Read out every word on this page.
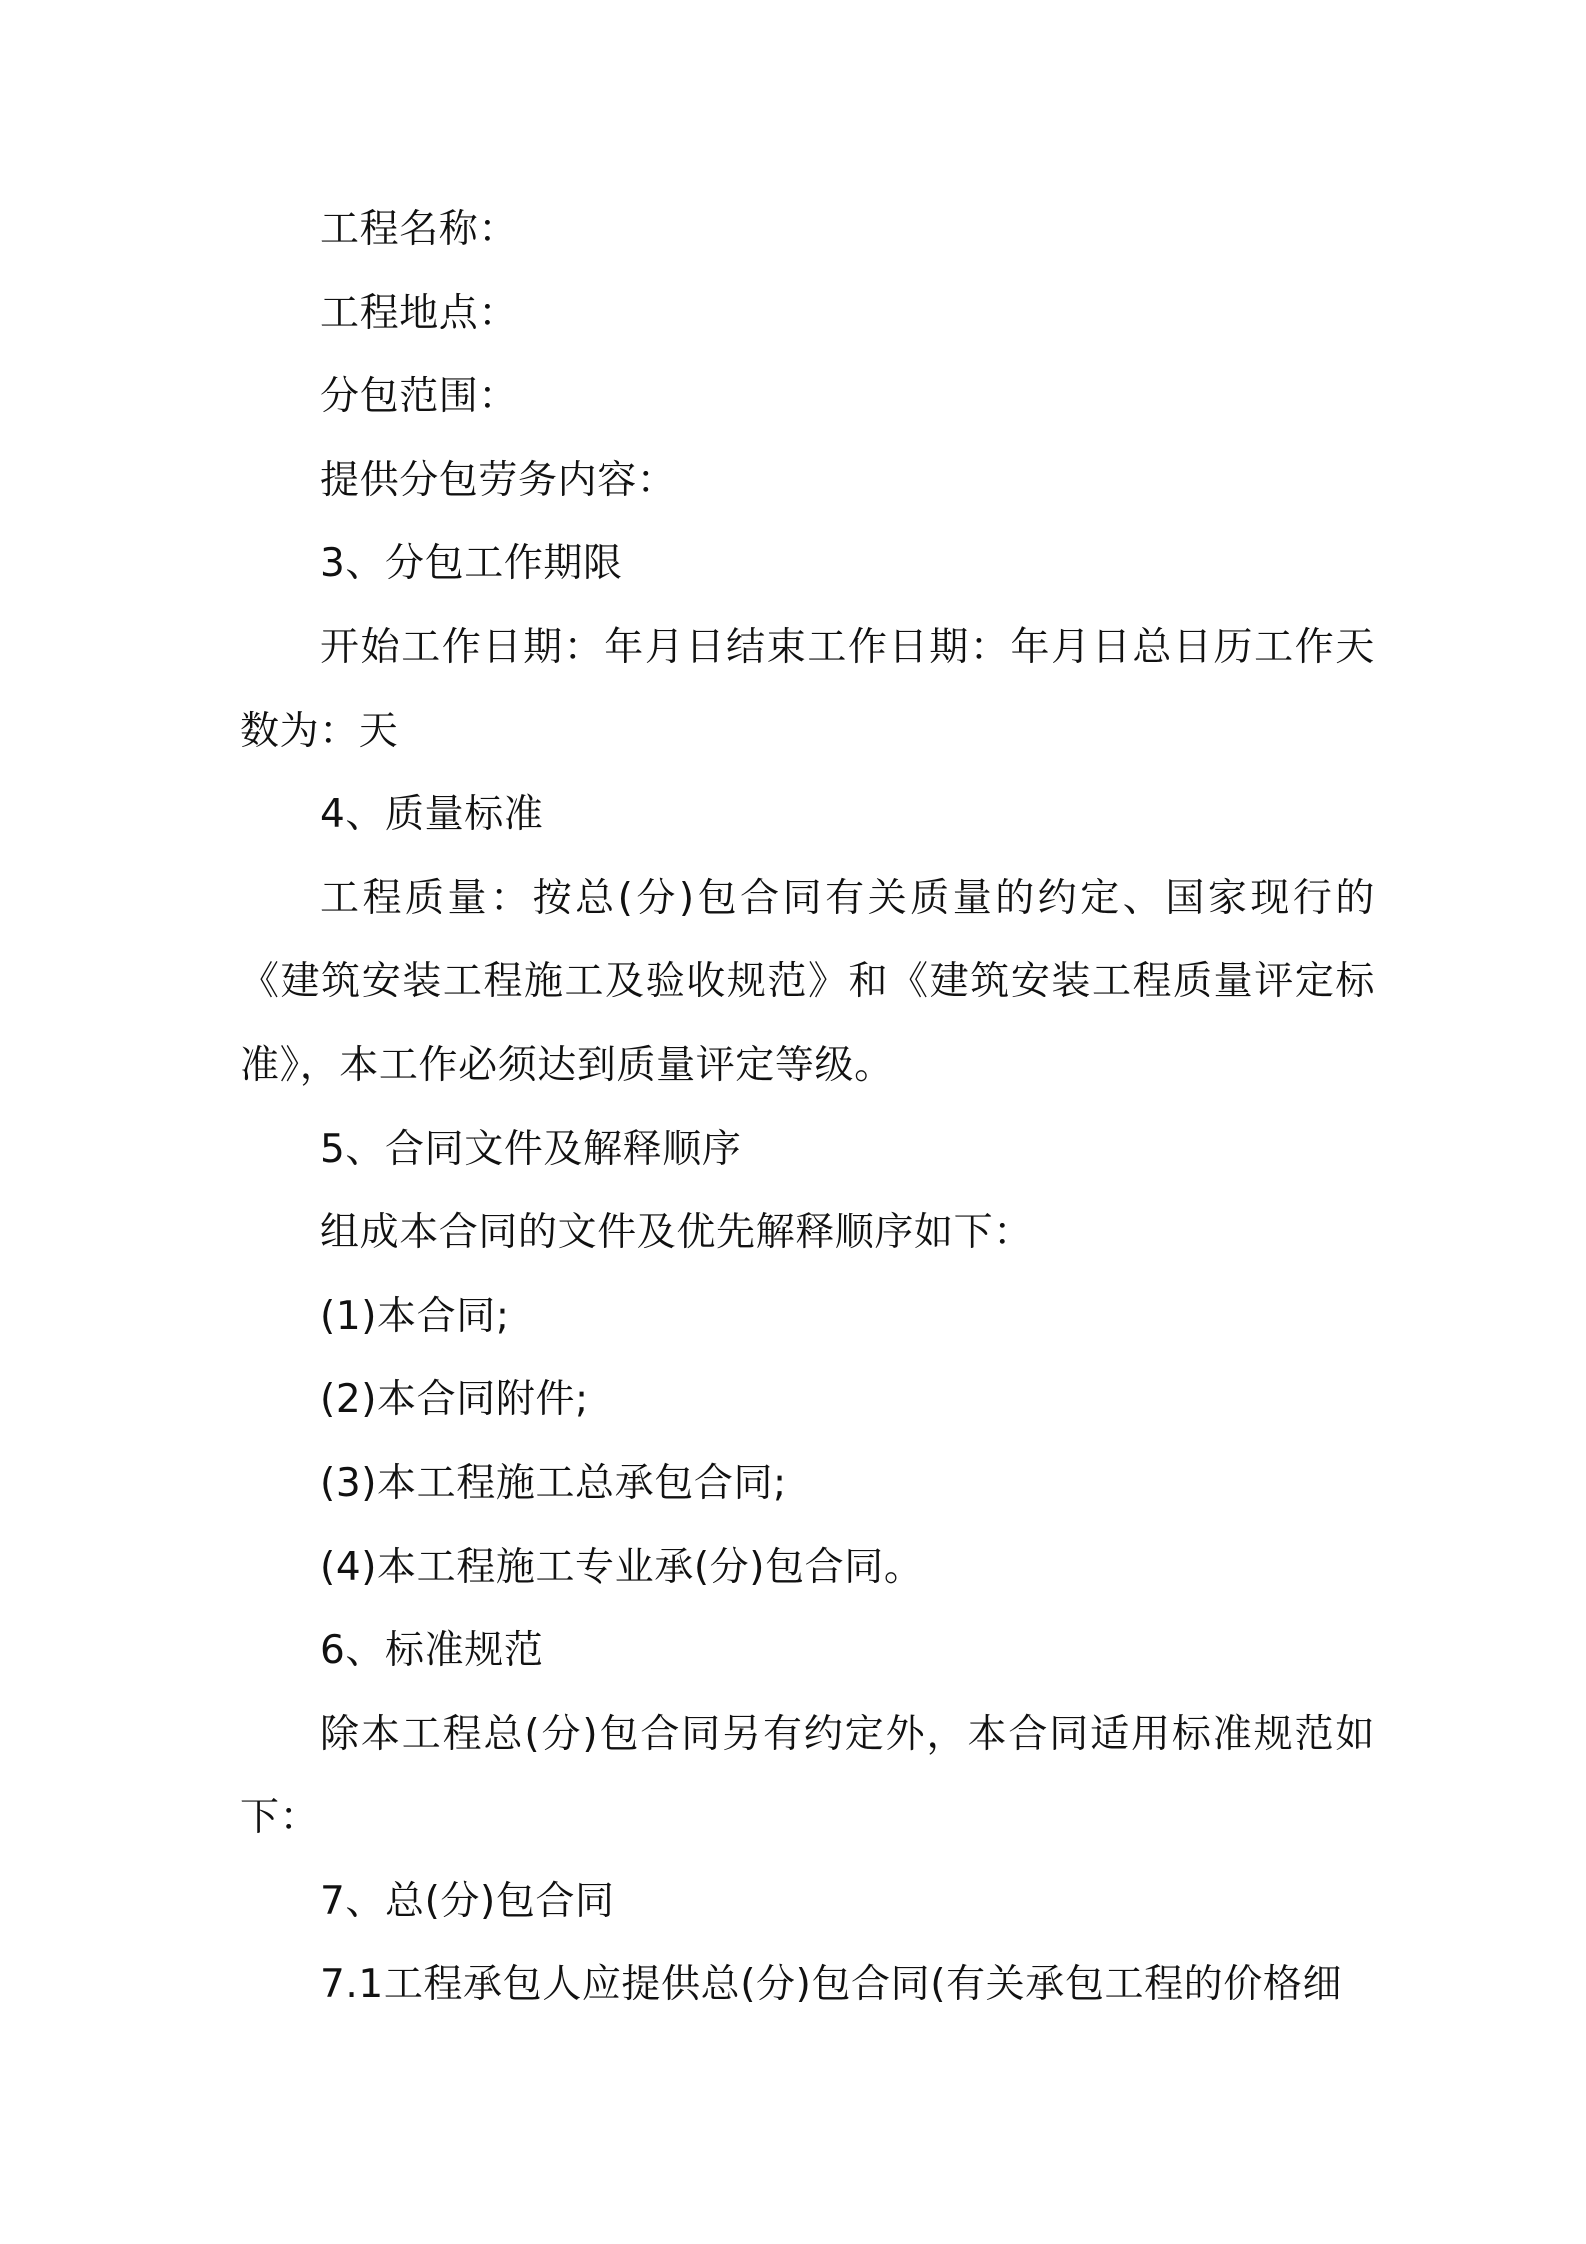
工程名称：

工程地点：

分包范围：

提供分包劳务内容：

3、分包工作期限

开始工作日期：年月日结束工作日期：年月日总日历工作天数为：天

4、质量标准

工程质量：按总(分)包合同有关质量的约定、国家现行的《建筑安装工程施工及验收规范》和《建筑安装工程质量评定标准》，本工作必须达到质量评定等级。

5、合同文件及解释顺序

组成本合同的文件及优先解释顺序如下：

(1)本合同;

(2)本合同附件;

(3)本工程施工总承包合同;

(4)本工程施工专业承(分)包合同。

6、标准规范

除本工程总(分)包合同另有约定外，本合同适用标准规范如下：

7、总(分)包合同

7.1工程承包人应提供总(分)包合同(有关承包工程的价格细
